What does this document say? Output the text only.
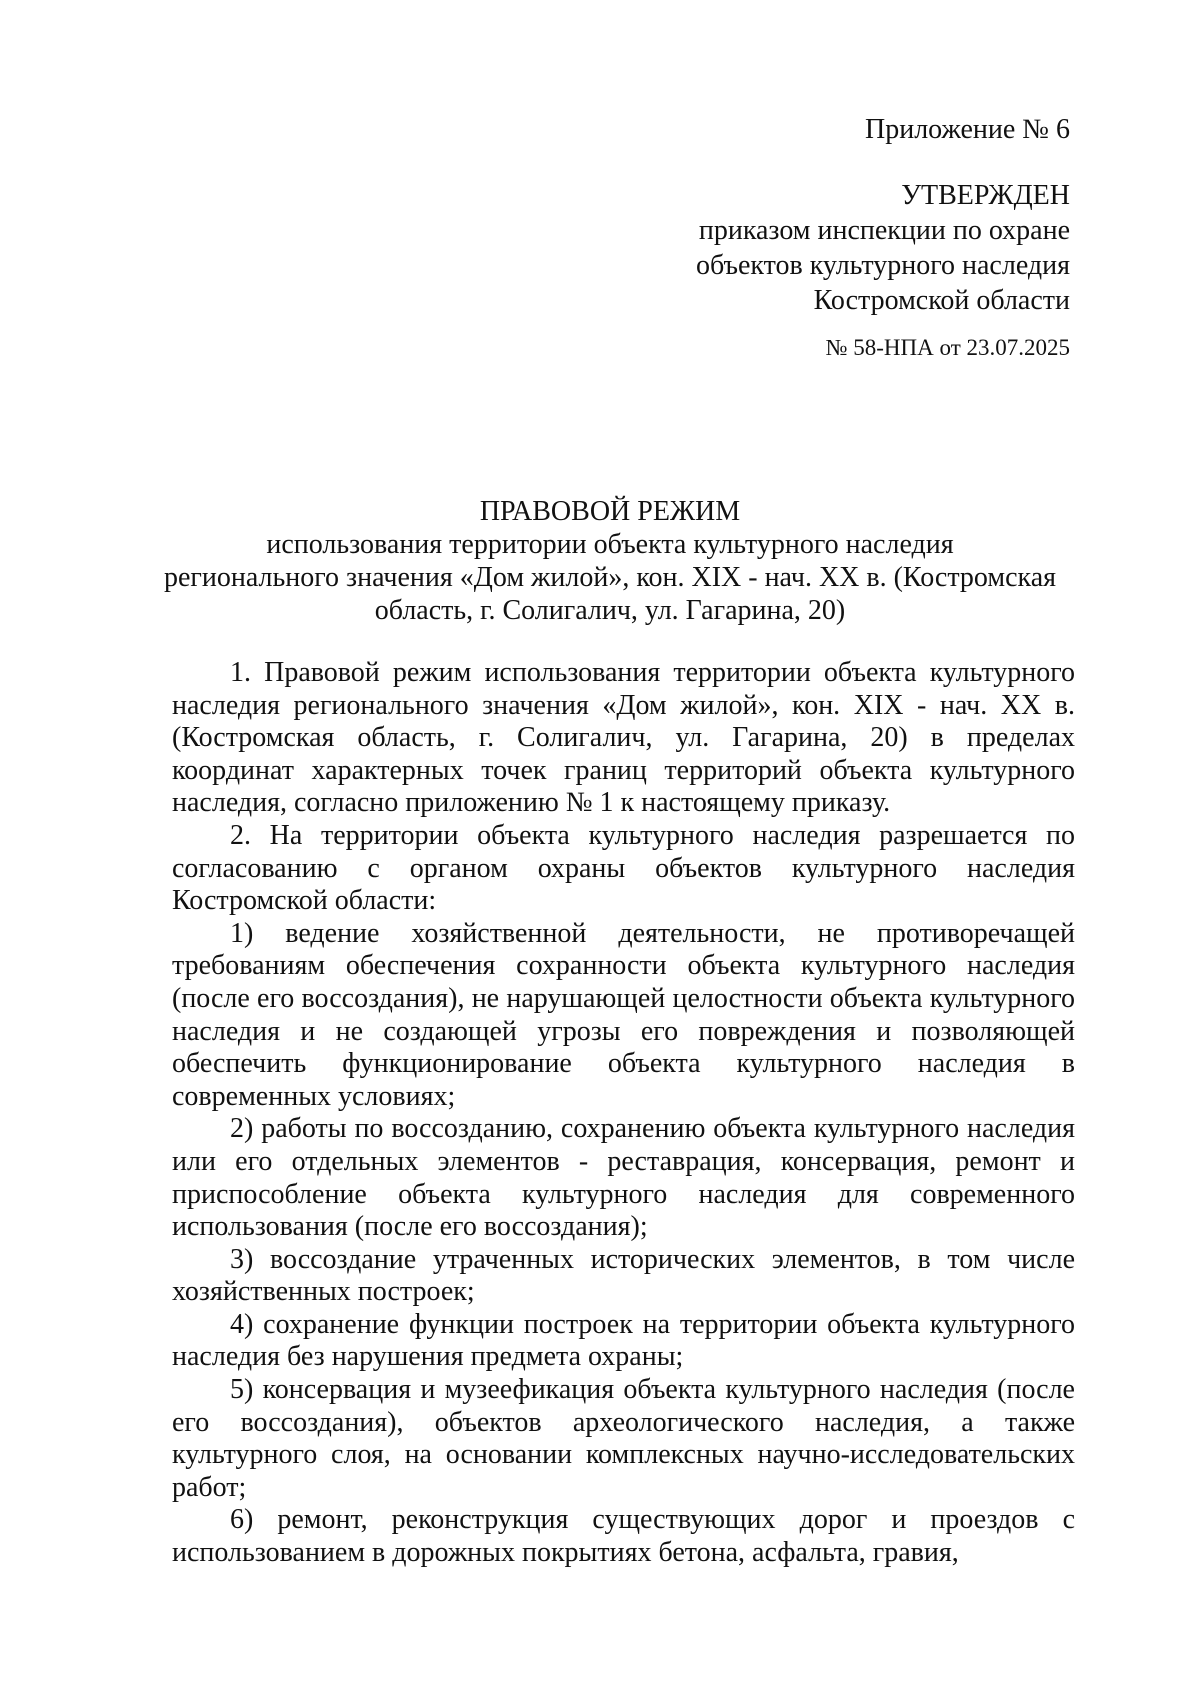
Приложение № 6
УТВЕРЖДЕН
приказом инспекции по охране
объектов культурного наследия
Костромской области
№ 58-НПА от 23.07.2025
ПРАВОВОЙ РЕЖИМ
использования территории объекта культурного наследия
регионального значения «Дом жилой», кон. XIX - нач. XX в. (Костромская
область, г. Солигалич, ул. Гагарина, 20)

1. Правовой режим использования территории объекта культурного наследия регионального значения «Дом жилой», кон. XIX - нач. XX в. (Костромская область, г. Солигалич, ул. Гагарина, 20) в пределах координат характерных точек границ территорий объекта культурного наследия, согласно приложению № 1 к настоящему приказу.

2. На территории объекта культурного наследия разрешается по согласованию с органом охраны объектов культурного наследия Костромской области:

1) ведение хозяйственной деятельности, не противоречащей требованиям обеспечения сохранности объекта культурного наследия (после его воссоздания), не нарушающей целостности объекта культурного наследия и не создающей угрозы его повреждения и позволяющей обеспечить функционирование объекта культурного наследия в современных условиях;

2) работы по воссозданию, сохранению объекта культурного наследия или его отдельных элементов - реставрация, консервация, ремонт и приспособление объекта культурного наследия для современного использования (после его воссоздания);

3) воссоздание утраченных исторических элементов, в том числе хозяйственных построек;

4) сохранение функции построек на территории объекта культурного наследия без нарушения предмета охраны;

5) консервация и музеефикация объекта культурного наследия (после его воссоздания), объектов археологического наследия, а также культурного слоя, на основании комплексных научно-исследовательских работ;

6) ремонт, реконструкция существующих дорог и проездов с использованием в дорожных покрытиях бетона, асфальта, гравия,
